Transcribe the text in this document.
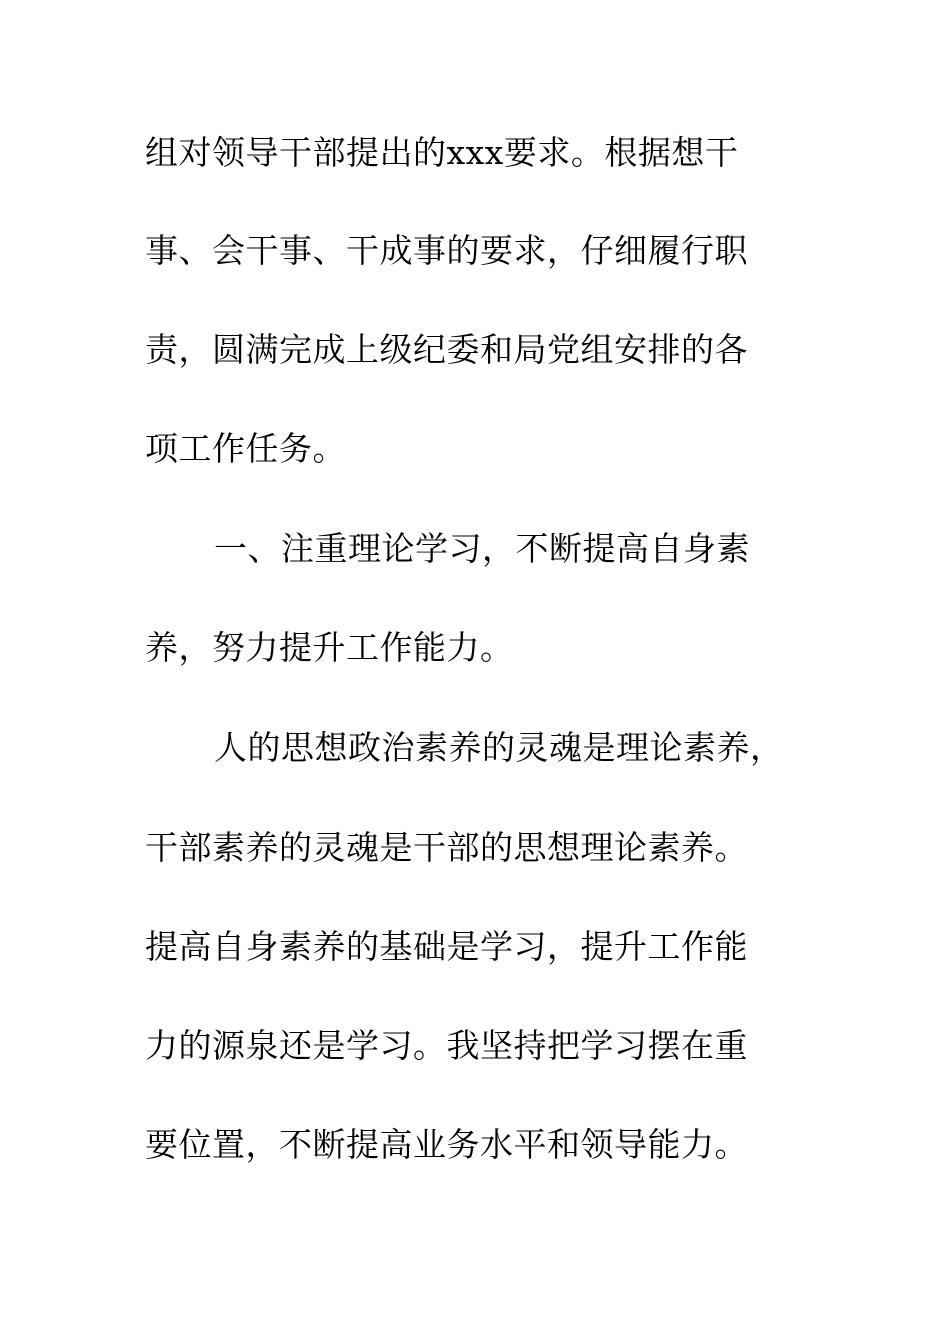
组对领导干部提出的xxx要求。根据想干
事、会干事、干成事的要求，仔细履行职
责，圆满完成上级纪委和局党组安排的各
项工作任务。
一、注重理论学习，不断提高自身素
养，努力提升工作能力。
人的思想政治素养的灵魂是理论素养，
干部素养的灵魂是干部的思想理论素养。
提高自身素养的基础是学习，提升工作能
力的源泉还是学习。我坚持把学习摆在重
要位置，不断提高业务水平和领导能力。
